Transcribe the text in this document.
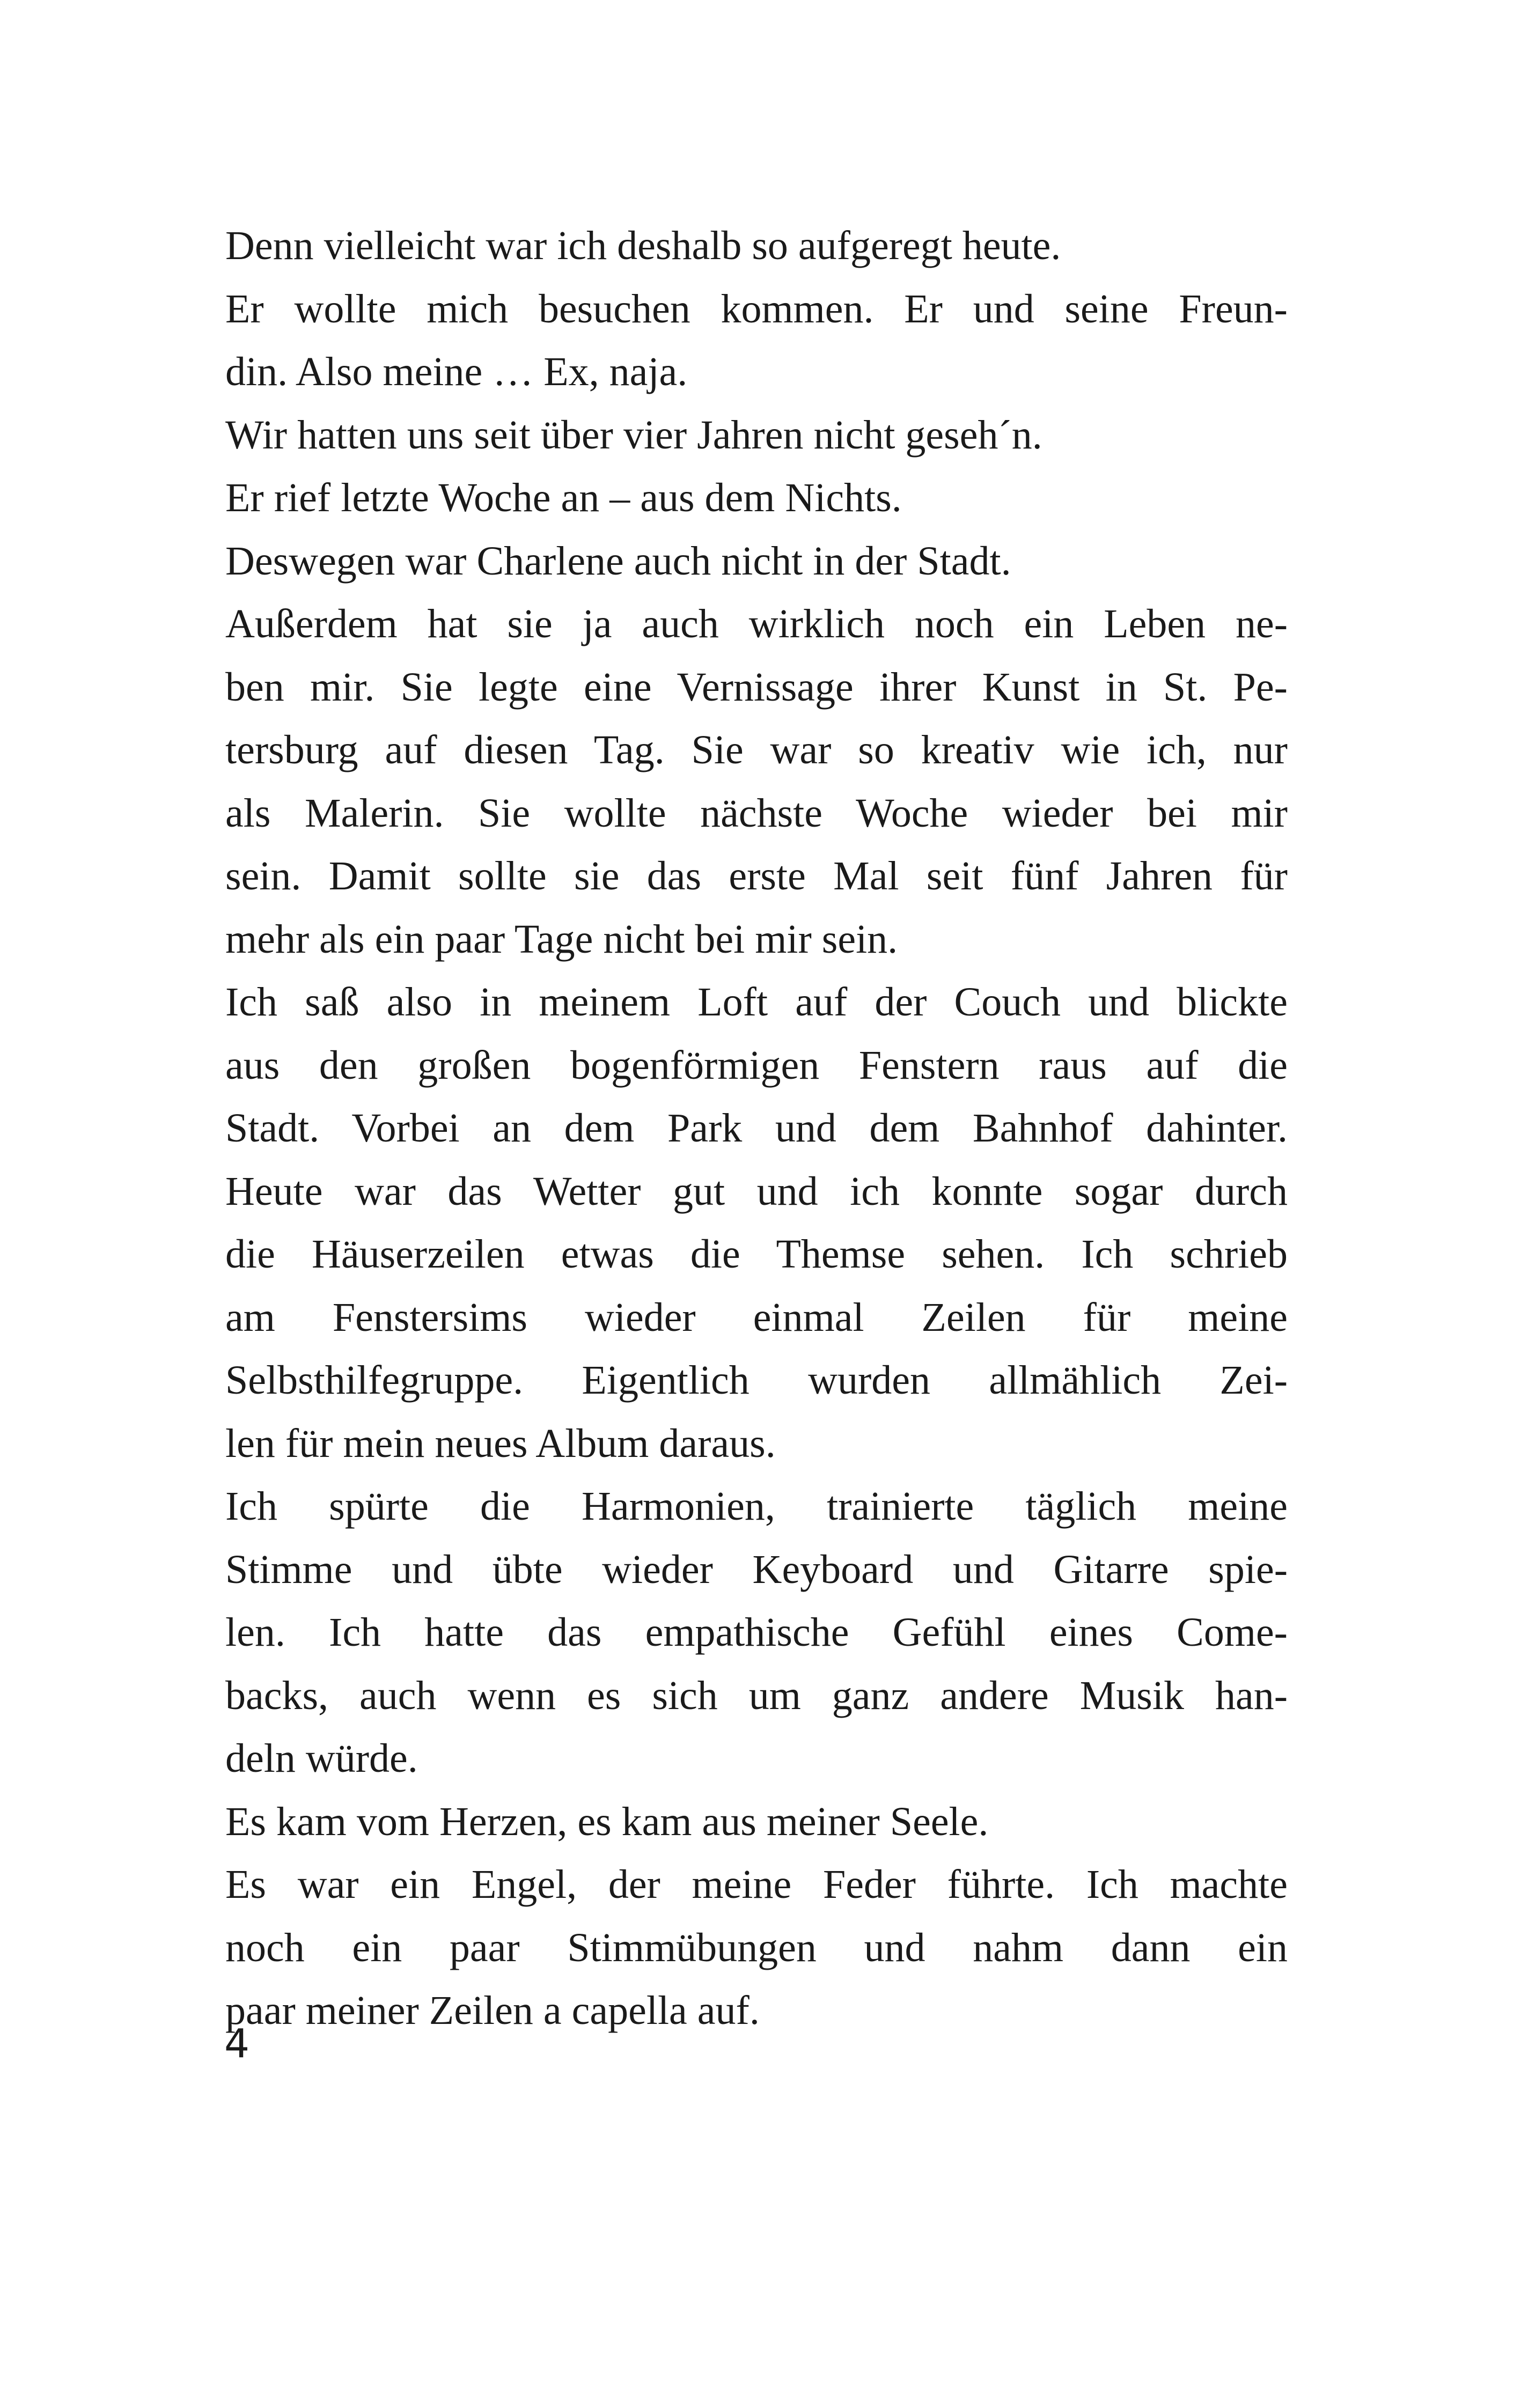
Denn vielleicht war ich deshalb so aufgeregt heute.
Er wollte mich besuchen kommen. Er und seine Freun-
din. Also meine … Ex, naja.
Wir hatten uns seit über vier Jahren nicht geseh´n.
Er rief letzte Woche an – aus dem Nichts.
Deswegen war Charlene auch nicht in der Stadt.
Außerdem hat sie ja auch wirklich noch ein Leben ne-
ben mir. Sie legte eine Vernissage ihrer Kunst in St. Pe-
tersburg auf diesen Tag. Sie war so kreativ wie ich, nur
als Malerin. Sie wollte nächste Woche wieder bei mir
sein. Damit sollte sie das erste Mal seit fünf Jahren für
mehr als ein paar Tage nicht bei mir sein.
Ich saß also in meinem Loft auf der Couch und blickte
aus den großen bogenförmigen Fenstern raus auf die
Stadt. Vorbei an dem Park und dem Bahnhof dahinter.
Heute war das Wetter gut und ich konnte sogar durch
die Häuserzeilen etwas die Themse sehen. Ich schrieb
am Fenstersims wieder einmal Zeilen für meine
Selbsthilfegruppe. Eigentlich wurden allmählich Zei-
len für mein neues Album daraus.
Ich spürte die Harmonien, trainierte täglich meine
Stimme und übte wieder Keyboard und Gitarre spie-
len. Ich hatte das empathische Gefühl eines Come-
backs, auch wenn es sich um ganz andere Musik han-
deln würde.
Es kam vom Herzen, es kam aus meiner Seele.
Es war ein Engel, der meine Feder führte. Ich machte
noch ein paar Stimmübungen und nahm dann ein
paar meiner Zeilen a capella auf.
4
